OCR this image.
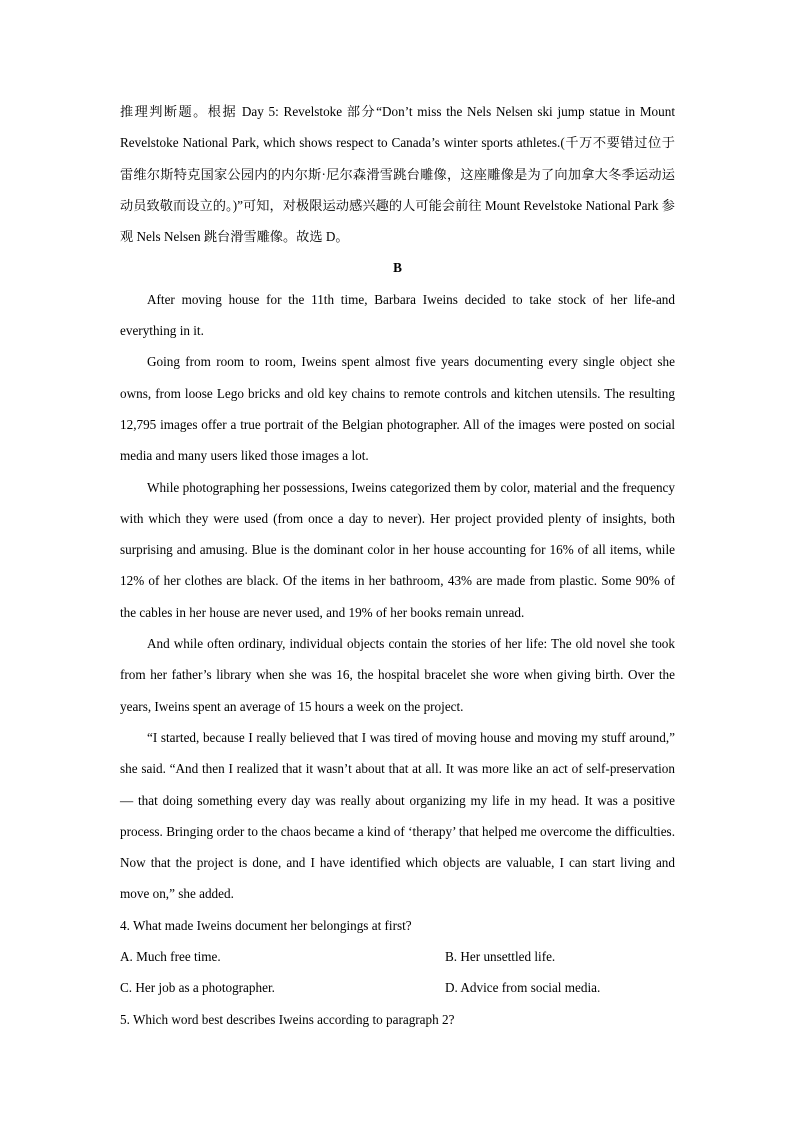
推理判断题。根据 Day 5: Revelstoke 部分“Don’t miss the Nels Nelsen ski jump statue in Mount Revelstoke National Park, which shows respect to Canada’s winter sports athletes.(千万不要错过位于雷维尔斯特克国家公园内的内尔斯·尼尔森滑雪跳台雕像，这座雕像是为了向加拿大冬季运动运动员致敬而设立的。)”可知，对极限运动感兴趣的人可能会前往 Mount Revelstoke National Park 参观 Nels Nelsen 跳台滑雪雕像。故选 D。

B

After moving house for the 11th time, Barbara Iweins decided to take stock of her life-and everything in it.

Going from room to room, Iweins spent almost five years documenting every single object she owns, from loose Lego bricks and old key chains to remote controls and kitchen utensils. The resulting 12,795 images offer a true portrait of the Belgian photographer. All of the images were posted on social media and many users liked those images a lot.

While photographing her possessions, Iweins categorized them by color, material and the frequency with which they were used (from once a day to never). Her project provided plenty of insights, both surprising and amusing. Blue is the dominant color in her house accounting for 16% of all items, while 12% of her clothes are black. Of the items in her bathroom, 43% are made from plastic. Some 90% of the cables in her house are never used, and 19% of her books remain unread.

And while often ordinary, individual objects contain the stories of her life: The old novel she took from her father’s library when she was 16, the hospital bracelet she wore when giving birth. Over the years, Iweins spent an average of 15 hours a week on the project.

“I started, because I really believed that I was tired of moving house and moving my stuff around,” she said. “And then I realized that it wasn’t about that at all. It was more like an act of self-preservation — that doing something every day was really about organizing my life in my head. It was a positive process. Bringing order to the chaos became a kind of ‘therapy’ that helped me overcome the difficulties. Now that the project is done, and I have identified which objects are valuable, I can start living and move on,” she added.

4. What made Iweins document her belongings at first?

A. Much free time.	B. Her unsettled life.
C. Her job as a photographer.	D. Advice from social media.

5. Which word best describes Iweins according to paragraph 2?
